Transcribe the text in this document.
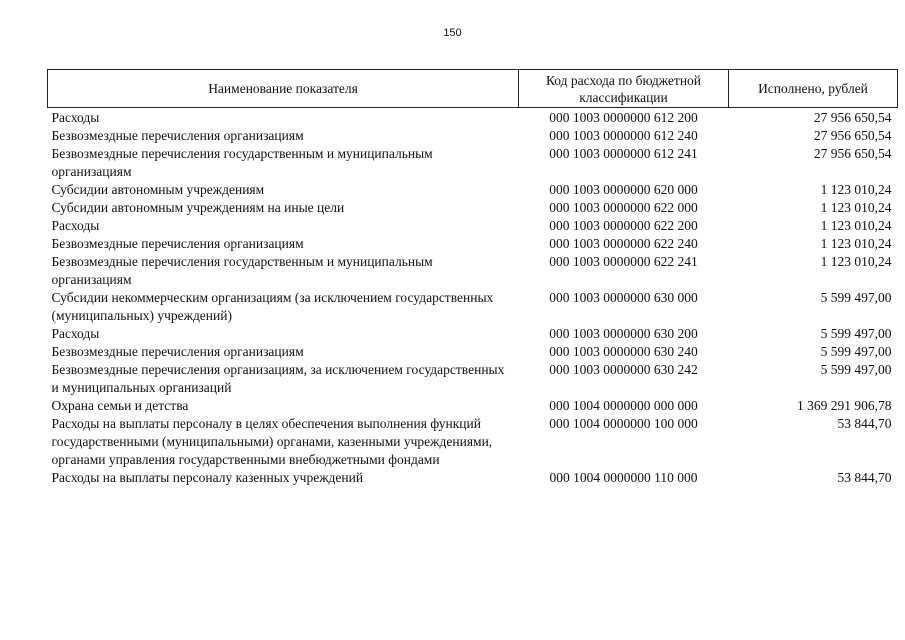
150
Наименование показателя	Код расхода по бюджетной классификации	Исполнено, рублей

Расходы	000 1003 0000000 612 200	27 956 650,54
Безвозмездные перечисления организациям	000 1003 0000000 612 240	27 956 650,54
Безвозмездные перечисления государственным и муниципальным организациям	000 1003 0000000 612 241	27 956 650,54
Субсидии автономным учреждениям	000 1003 0000000 620 000	1 123 010,24
Субсидии автономным учреждениям на иные цели	000 1003 0000000 622 000	1 123 010,24
Расходы	000 1003 0000000 622 200	1 123 010,24
Безвозмездные перечисления организациям	000 1003 0000000 622 240	1 123 010,24
Безвозмездные перечисления государственным и муниципальным организациям	000 1003 0000000 622 241	1 123 010,24
Субсидии некоммерческим организациям (за исключением государственных (муниципальных) учреждений)	000 1003 0000000 630 000	5 599 497,00
Расходы	000 1003 0000000 630 200	5 599 497,00
Безвозмездные перечисления организациям	000 1003 0000000 630 240	5 599 497,00
Безвозмездные перечисления организациям, за исключением государственных и муниципальных организаций	000 1003 0000000 630 242	5 599 497,00
Охрана семьи и детства	000 1004 0000000 000 000	1 369 291 906,78
Расходы на выплаты персоналу в целях обеспечения выполнения функций государственными (муниципальными) органами, казенными учреждениями, органами управления государственными внебюджетными фондами	000 1004 0000000 100 000	53 844,70
Расходы на выплаты персоналу казенных учреждений	000 1004 0000000 110 000	53 844,70
